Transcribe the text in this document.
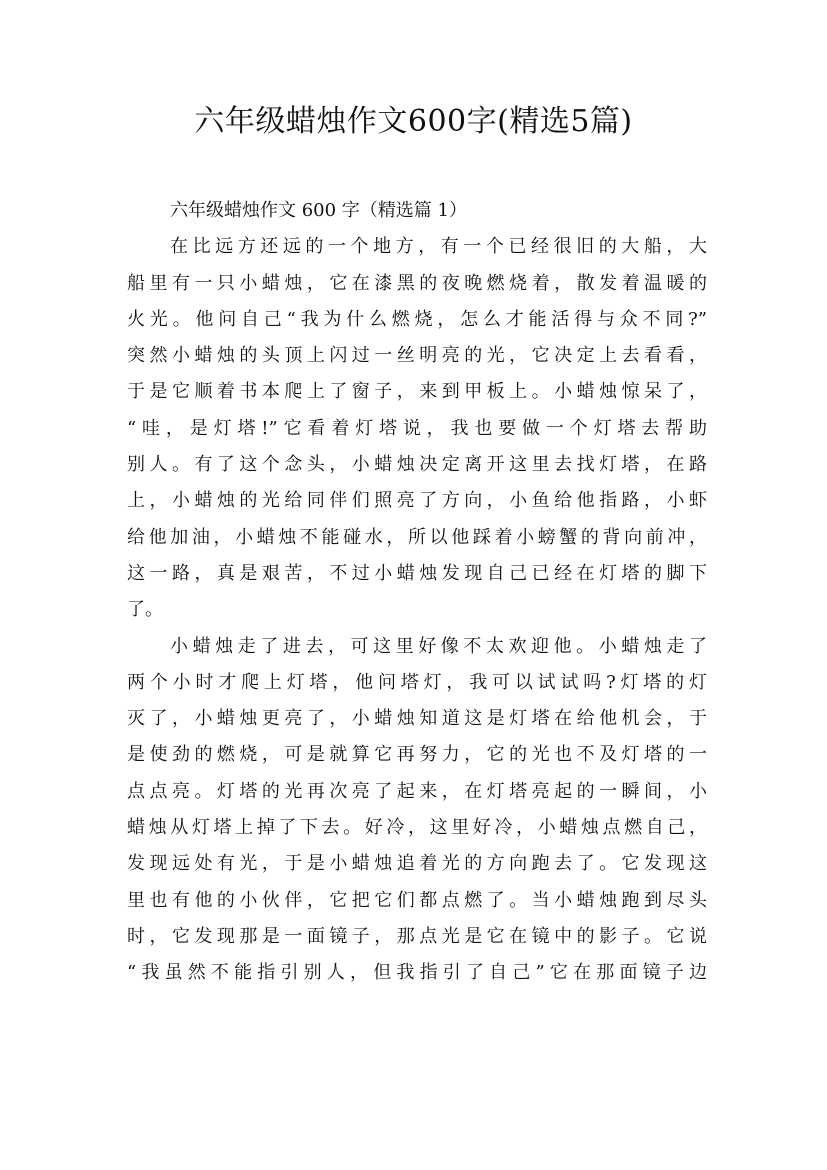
六年级蜡烛作文600字(精选5篇)
六年级蜡烛作文 600 字（精选篇 1）
在比远方还远的一个地方，有一个已经很旧的大船，大
船里有一只小蜡烛，它在漆黑的夜晚燃烧着，散发着温暖的
火光。他问自己“我为什么燃烧，怎么才能活得与众不同?”
突然小蜡烛的头顶上闪过一丝明亮的光，它决定上去看看，
于是它顺着书本爬上了窗子，来到甲板上。小蜡烛惊呆了，
“哇，是灯塔!”它看着灯塔说，我也要做一个灯塔去帮助
别人。有了这个念头，小蜡烛决定离开这里去找灯塔，在路
上，小蜡烛的光给同伴们照亮了方向，小鱼给他指路，小虾
给他加油，小蜡烛不能碰水，所以他踩着小螃蟹的背向前冲，
这一路，真是艰苦，不过小蜡烛发现自己已经在灯塔的脚下
了。
小蜡烛走了进去，可这里好像不太欢迎他。小蜡烛走了
两个小时才爬上灯塔，他问塔灯，我可以试试吗?灯塔的灯
灭了，小蜡烛更亮了，小蜡烛知道这是灯塔在给他机会，于
是使劲的燃烧，可是就算它再努力，它的光也不及灯塔的一
点点亮。灯塔的光再次亮了起来，在灯塔亮起的一瞬间，小
蜡烛从灯塔上掉了下去。好冷，这里好冷，小蜡烛点燃自己，
发现远处有光，于是小蜡烛追着光的方向跑去了。它发现这
里也有他的小伙伴，它把它们都点燃了。当小蜡烛跑到尽头
时，它发现那是一面镜子，那点光是它在镜中的影子。它说
“我虽然不能指引别人，但我指引了自己”它在那面镜子边
